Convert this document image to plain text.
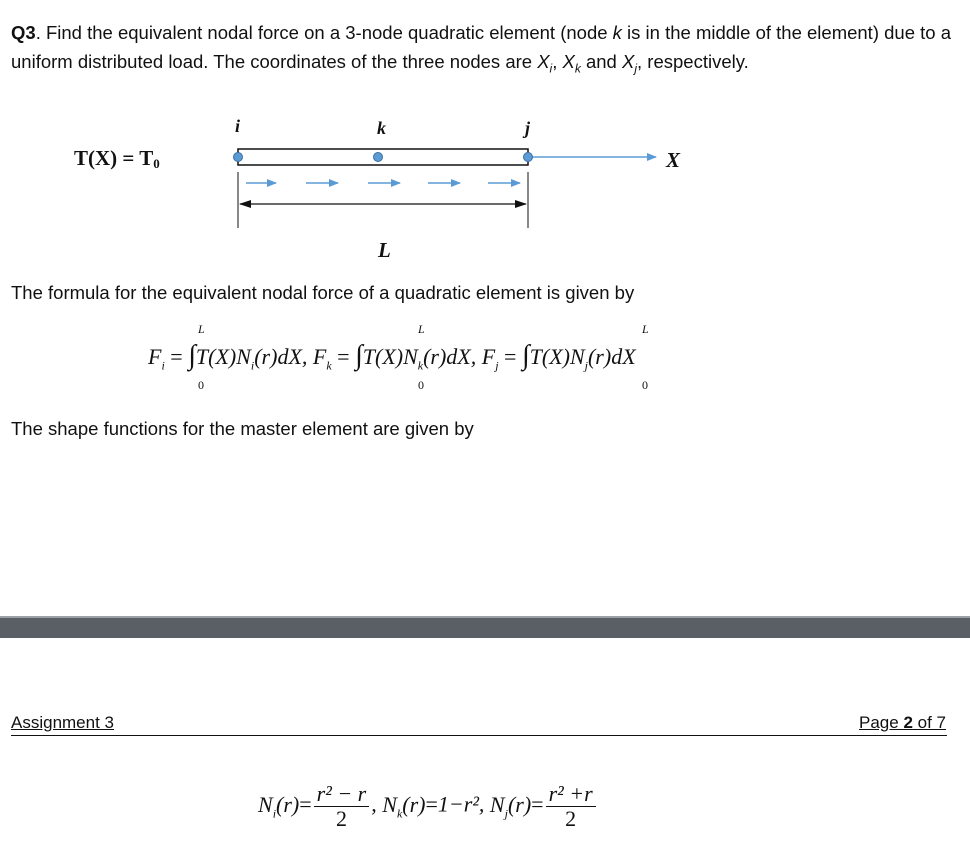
Q3. Find the equivalent nodal force on a 3-node quadratic element (node k is in the middle of the element) due to a uniform distributed load. The coordinates of the three nodes are $X_i$, $X_k$ and $X_j$, respectively.
$T(X) = T_0$
i	k	j
X
L
The formula for the equivalent nodal force of a quadratic element is given by
$F_i = \int T(X)N_i(r)dX$, $F_k = \int T(X)N_k(r)dX$, $F_j = \int T(X)N_j(r)dX$
L
0
L
0
L
0
The shape functions for the master element are given by
Assignment 3	Page 2 of 7
$N_i(r)= \frac{\text{r² − r}}{2}$ , $N_k(r)=1-r^2$, $N_j(r)= \frac{\text{r² +r}}{2}$
